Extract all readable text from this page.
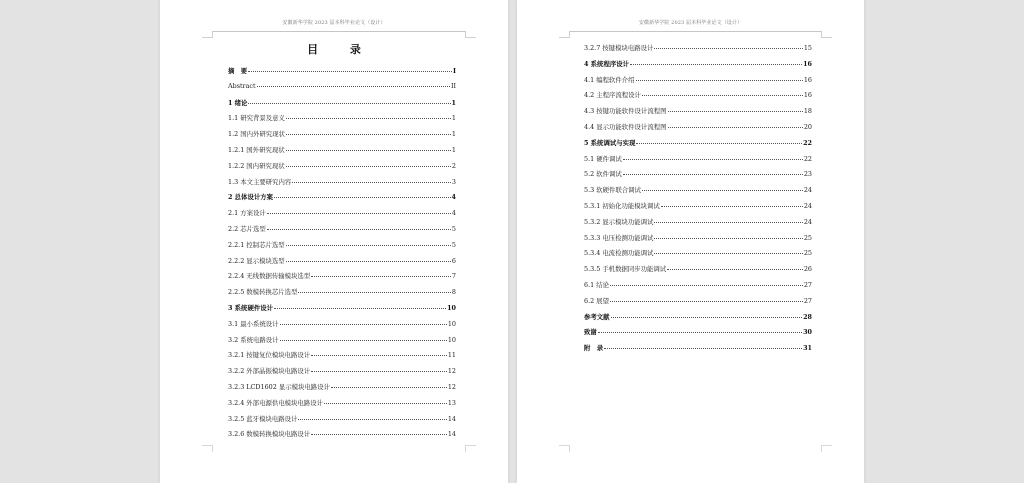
安徽新华学院 2023 届本科毕业论文（设计）
目 录
摘　要	I
Abstract	II
1 绪论	1
1.1 研究背景及意义	1
1.2 国内外研究现状	1
1.2.1 国外研究现状	1
1.2.2 国内研究现状	2
1.3 本文主要研究内容	3
2 总体设计方案	4
2.1 方案设计	4
2.2 芯片选型	5
2.2.1 控制芯片选型	5
2.2.2 显示模块选型	6
2.2.4 无线数据传输模块选型	7
2.2.5 数模转换芯片选型	8
3 系统硬件设计	10
3.1 最小系统设计	10
3.2 系统电路设计	10
3.2.1 按键复位模块电路设计	11
3.2.2 外部晶振模块电路设计	12
3.2.3 LCD1602 显示模块电路设计	12
3.2.4 外部电源供电模块电路设计	13
3.2.5 蓝牙模块电路设计	14
3.2.6 数模转换模块电路设计	14
安徽新华学院 2023 届本科毕业论文（设计）
3.2.7 按键模块电路设计	15
4 系统程序设计	16
4.1 编程软件介绍	16
4.2 主程序流程设计	16
4.3 按键功能软件设计流程图	18
4.4 显示功能软件设计流程图	20
5 系统调试与实现	22
5.1 硬件调试	22
5.2 软件调试	23
5.3 软硬件联合调试	24
5.3.1 初始化功能模块调试	24
5.3.2 显示模块功能调试	24
5.3.3 电压检测功能调试	25
5.3.4 电流检测功能调试	25
5.3.5 手机数据同步功能调试	26
6.1 结论	27
6.2 展望	27
参考文献	28
致谢	30
附　录	31
